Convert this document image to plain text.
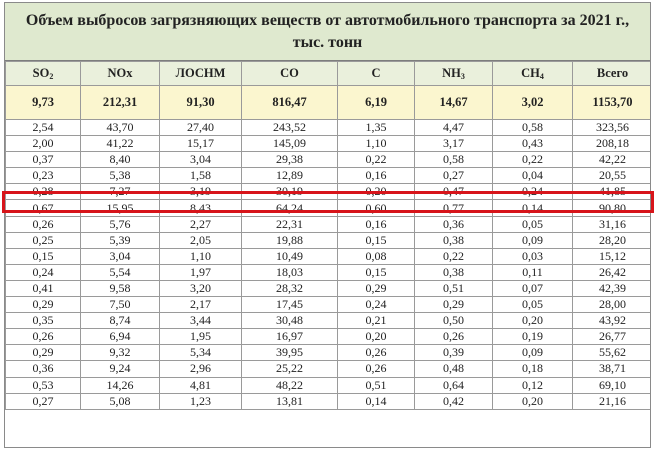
Объем выбросов загрязняющих веществ от автотмобильного транспорта за 2021 г., тыс. тонн
$SO_2$	NOx	ЛОСНМ	CO	C	$NH_3$	$CH_4$	Всего
9,73	212,31	91,30	816,47	6,19	14,67	3,02	1153,70
2,54	43,70	27,40	243,52	1,35	4,47	0,58	323,56
2,00	41,22	15,17	145,09	1,10	3,17	0,43	208,18
0,37	8,40	3,04	29,38	0,22	0,58	0,22	42,22
0,23	5,38	1,58	12,89	0,16	0,27	0,04	20,55
0,28	7,27	3,19	30,19	0,20	0,47	0,24	41,85
0,67	15,95	8,43	64,24	0,60	0,77	0,14	90,80
0,26	5,76	2,27	22,31	0,16	0,36	0,05	31,16
0,25	5,39	2,05	19,88	0,15	0,38	0,09	28,20
0,15	3,04	1,10	10,49	0,08	0,22	0,03	15,12
0,24	5,54	1,97	18,03	0,15	0,38	0,11	26,42
0,41	9,58	3,20	28,32	0,29	0,51	0,07	42,39
0,29	7,50	2,17	17,45	0,24	0,29	0,05	28,00
0,35	8,74	3,44	30,48	0,21	0,50	0,20	43,92
0,26	6,94	1,95	16,97	0,20	0,26	0,19	26,77
0,29	9,32	5,34	39,95	0,26	0,39	0,09	55,62
0,36	9,24	2,96	25,22	0,26	0,48	0,18	38,71
0,53	14,26	4,81	48,22	0,51	0,64	0,12	69,10
0,27	5,08	1,23	13,81	0,14	0,42	0,20	21,16
